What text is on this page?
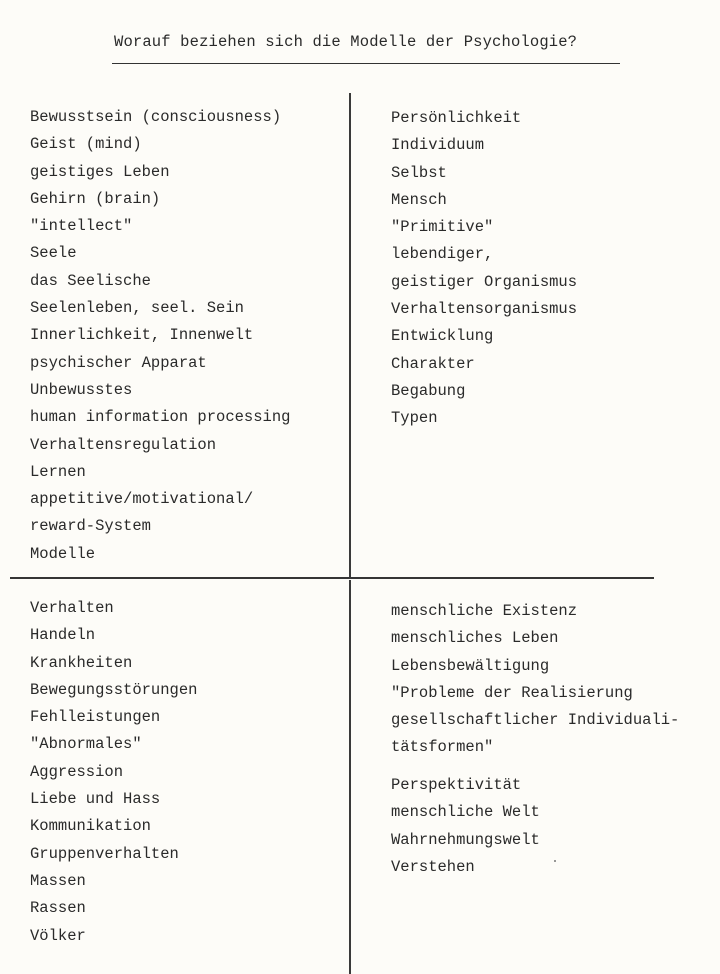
Worauf beziehen sich die Modelle der Psychologie?
Bewusstsein (consciousness)
Geist (mind)
geistiges Leben
Gehirn (brain)
"intellect"
Seele
das Seelische
Seelenleben, seel. Sein
Innerlichkeit, Innenwelt
psychischer Apparat
Unbewusstes
human information processing
Verhaltensregulation
Lernen
appetitive/motivational/
reward-System
Modelle
Persönlichkeit
Individuum
Selbst
Mensch
"Primitive"
lebendiger,
geistiger Organismus
Verhaltensorganismus
Entwicklung
Charakter
Begabung
Typen
Verhalten
Handeln
Krankheiten
Bewegungsstörungen
Fehlleistungen
"Abnormales"
Aggression
Liebe und Hass
Kommunikation
Gruppenverhalten
Massen
Rassen
Völker
menschliche Existenz
menschliches Leben
Lebensbewältigung
"Probleme der Realisierung
gesellschaftlicher Individuali-
tätsformen"
Perspektivität
menschliche Welt
Wahrnehmungswelt
Verstehen
